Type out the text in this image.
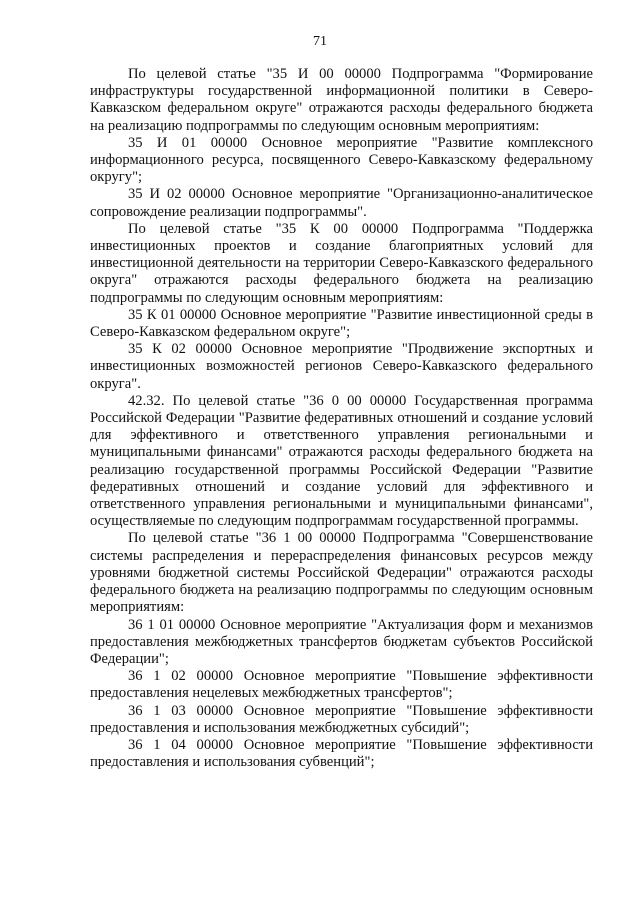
71

По целевой статье "35 И 00 00000 Подпрограмма "Формирование инфраструктуры государственной информационной политики в Северо-Кавказском федеральном округе" отражаются расходы федерального бюджета на реализацию подпрограммы по следующим основным мероприятиям:

35 И 01 00000 Основное мероприятие "Развитие комплексного информационного ресурса, посвященного Северо-Кавказскому федеральному округу";

35 И 02 00000 Основное мероприятие "Организационно-аналитическое сопровождение реализации подпрограммы".

По целевой статье "35 К 00 00000 Подпрограмма "Поддержка инвестиционных проектов и создание благоприятных условий для инвестиционной деятельности на территории Северо-Кавказского федерального округа" отражаются расходы федерального бюджета на реализацию подпрограммы по следующим основным мероприятиям:

35 К 01 00000 Основное мероприятие "Развитие инвестиционной среды в Северо-Кавказском федеральном округе";

35 К 02 00000 Основное мероприятие "Продвижение экспортных и инвестиционных возможностей регионов Северо-Кавказского федерального округа".

42.32. По целевой статье "36 0 00 00000 Государственная программа Российской Федерации "Развитие федеративных отношений и создание условий для эффективного и ответственного управления региональными и муниципальными финансами" отражаются расходы федерального бюджета на реализацию государственной программы Российской Федерации "Развитие федеративных отношений и создание условий для эффективного и ответственного управления региональными и муниципальными финансами", осуществляемые по следующим подпрограммам государственной программы.

По целевой статье "36 1 00 00000 Подпрограмма "Совершенствование системы распределения и перераспределения финансовых ресурсов между уровнями бюджетной системы Российской Федерации" отражаются расходы федерального бюджета на реализацию подпрограммы по следующим основным мероприятиям:

36 1 01 00000 Основное мероприятие "Актуализация форм и механизмов предоставления межбюджетных трансфертов бюджетам субъектов Российской Федерации";

36 1 02 00000 Основное мероприятие "Повышение эффективности предоставления нецелевых межбюджетных трансфертов";

36 1 03 00000 Основное мероприятие "Повышение эффективности предоставления и использования межбюджетных субсидий";

36 1 04 00000 Основное мероприятие "Повышение эффективности предоставления и использования субвенций";
